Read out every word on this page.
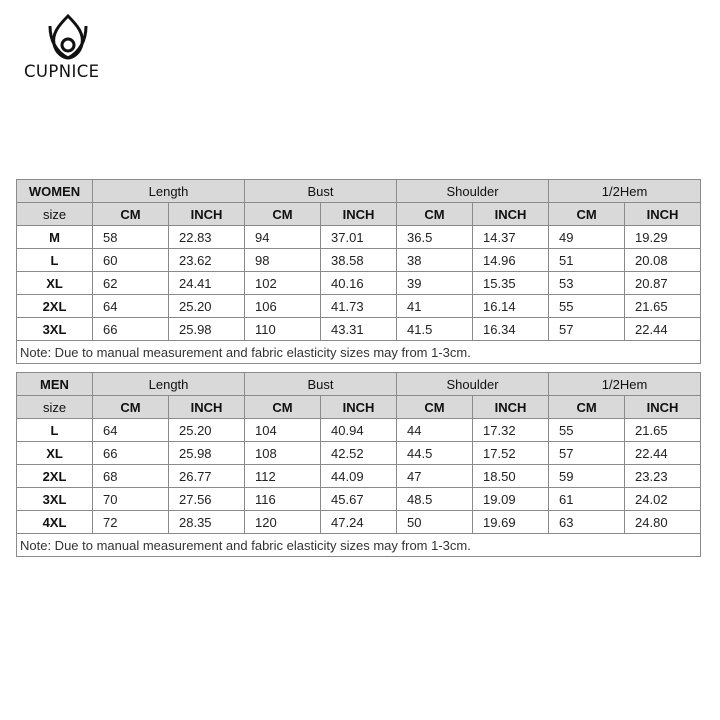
CUPNICE
WOMEN	Length		Bust		Shoulder		1/2Hem	
size	CM	INCH	CM	INCH	CM	INCH	CM	INCH
M	58	22.83	94	37.01	36.5	14.37	49	19.29
L	60	23.62	98	38.58	38	14.96	51	20.08
XL	62	24.41	102	40.16	39	15.35	53	20.87
2XL	64	25.20	106	41.73	41	16.14	55	21.65
3XL	66	25.98	110	43.31	41.5	16.34	57	22.44
Note: Due to manual measurement and fabric elasticity sizes may from 1-3cm.								
MEN	Length		Bust		Shoulder		1/2Hem	
size	CM	INCH	CM	INCH	CM	INCH	CM	INCH
L	64	25.20	104	40.94	44	17.32	55	21.65
XL	66	25.98	108	42.52	44.5	17.52	57	22.44
2XL	68	26.77	112	44.09	47	18.50	59	23.23
3XL	70	27.56	116	45.67	48.5	19.09	61	24.02
4XL	72	28.35	120	47.24	50	19.69	63	24.80
Note: Due to manual measurement and fabric elasticity sizes may from 1-3cm.								
